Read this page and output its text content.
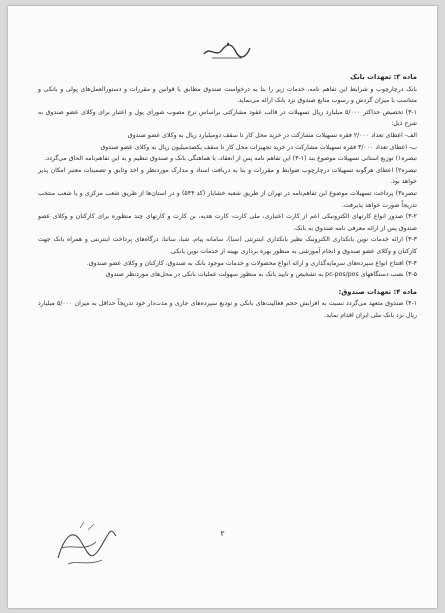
ماده ۳: تعهدات بانک

بانک درچارچوب و شرایط این تفاهم نامه، خدمات زیر را بنا به درخواست صندوق مطابق با قوانین و مقررات و دستورالعمل‌های پولی و بانکی و متناسب با میزان گردش و رسوب منابع صندوق نزد بانک ارائه می‌نماید.

۳-۱) تخصیص حداکثر ۵/۰۰۰ میلیارد ریال تسهیلات در قالب عقود مشارکتی براساس نرخ مصوب شورای پول و اعتبار برای وکلای عضو صندوق به شرح ذیل:

الف- اعطای تعداد ۲/۰۰۰ فقره تسهیلات مشارکت در خرید محل کار تا سقف دومیلیارد ریال به وکلای عضو صندوق

ب- اعطای تعداد ۳/۰۰۰ فقره تسهیلات مشارکت در خرید تجهیزات محل کار تا سقف یکصدمیلیون ریال به وکلای عضو صندوق

تبصره۱) توزیع استانی تسهیلات موضوع بند (۱-۳) این تفاهم نامه پس از انعقاد، با هماهنگی بانک و صندوق تنظیم و به این تفاهم‌نامه الحاق می‌گردد.

تبصره۲) اعطای هرگونه تسهیلات درچارچوب ضوابط و مقررات و بنا به دریافت اسناد و مدارک موردنظر و اخذ وثایق و تضمینات معتبر امکان پذیر خواهد بود.

تبصره۳) پرداخت تسهیلات موضوع این تفاهم‌نامه در تهران از طریق شعبه خشایار (کد ۵۴۴) و در استان‌ها از طریق شعب مرکزی و یا شعب منتخب تدریجاً صورت خواهد پذیرفت.

۳-۲) صدور انواع کارتهای الکترونیکی اعم از کارت اعتباری، ملی کارت، کارت هدیه، بن کارت و کارتهای چند منظوره برای کارکنان و وکلای عضو صندوق پس از ارائه معرفی نامه صندوق به بانک.

۳-۳) ارائه خدمات نوین بانکداری الکترونیک نظیر بانکداری اینترنتی (سبا)، سامانه پیام، شبا، ساتنا، درگاه‌های پرداخت اینترنتی و همراه بانک جهت کارکنان و وکلای عضو صندوق و انجام آموزشی به منظور بهره برداری بهینه از خدمات نوین بانکی.

۳-۴) افتتاح انواع سپرده‌های سرمایه‌گذاری و ارائه انواع محصولات و خدمات موجود بانک به صندوق، کارکنان و وکلای عضو صندوق.

۳-۵) نصب دستگاههای pc-pos/pos به تشخیص و تایید بانک به منظور سهولت عملیات بانکی در محل‌های موردنظر صندوق

ماده ۴: تعهدات صندوق:

۴-۱) صندوق متعهد می‌گردد نسبت به افزایش حجم فعالیت‌های بانکی و تودیع سپرده‌های جاری و مدت‌دار خود تدریجاً حداقل به میزان ۵/۰۰۰ میلیارد ریال نزد بانک ملی ایران اقدام نماید.

۲
